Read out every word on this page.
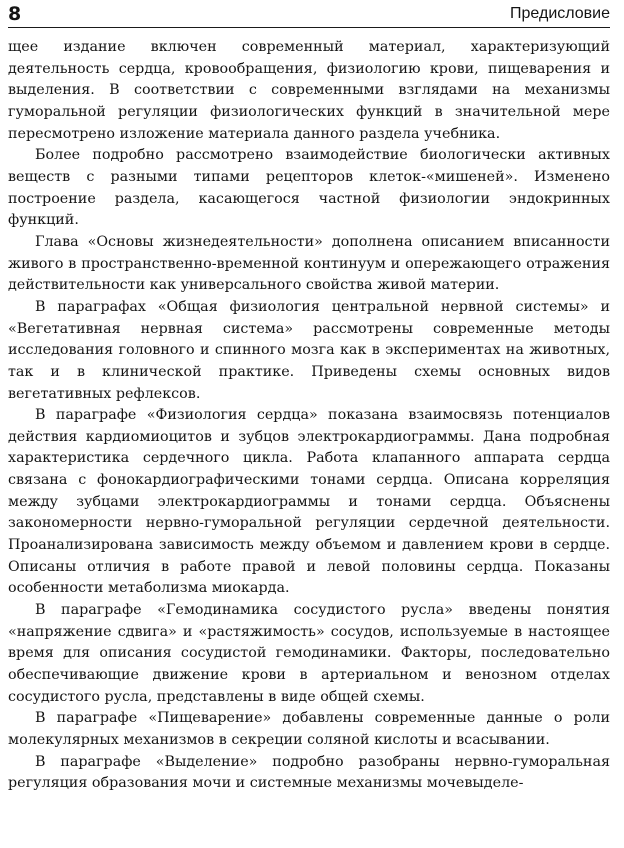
8	Предисловие

щее издание включен современный материал, характеризующий деятельность сердца, кровообращения, физиологию крови, пищеварения и выделения. В соответствии с современными взглядами на механизмы гуморальной регуляции физиологических функций в значительной мере пересмотрено изложение материала данного раздела учебника.

Более подробно рассмотрено взаимодействие биологически активных веществ с разными типами рецепторов клеток-«мишеней». Изменено построение раздела, касающегося частной физиологии эндокринных функций.

Глава «Основы жизнедеятельности» дополнена описанием вписанности живого в пространственно-временной континуум и опережающего отражения действительности как универсального свойства живой материи.

В параграфах «Общая физиология центральной нервной системы» и «Вегетативная нервная система» рассмотрены современные методы исследования головного и спинного мозга как в экспериментах на животных, так и в клинической практике. Приведены схемы основных видов вегетативных рефлексов.

В параграфе «Физиология сердца» показана взаимосвязь потенциалов действия кардиомиоцитов и зубцов электрокардиограммы. Дана подробная характеристика сердечного цикла. Работа клапанного аппарата сердца связана с фонокардиографическими тонами сердца. Описана корреляция между зубцами электрокардиограммы и тонами сердца. Объяснены закономерности нервно-гуморальной регуляции сердечной деятельности. Проанализирована зависимость между объемом и давлением крови в сердце. Описаны отличия в работе правой и левой половины сердца. Показаны особенности метаболизма миокарда.

В параграфе «Гемодинамика сосудистого русла» введены понятия «напряжение сдвига» и «растяжимость» сосудов, используемые в настоящее время для описания сосудистой гемодинамики. Факторы, последовательно обеспечивающие движение крови в артериальном и венозном отделах сосудистого русла, представлены в виде общей схемы.

В параграфе «Пищеварение» добавлены современные данные о роли молекулярных механизмов в секреции соляной кислоты и всасывании.

В параграфе «Выделение» подробно разобраны нервно-гуморальная регуляция образования мочи и системные механизмы мочевыделе-
